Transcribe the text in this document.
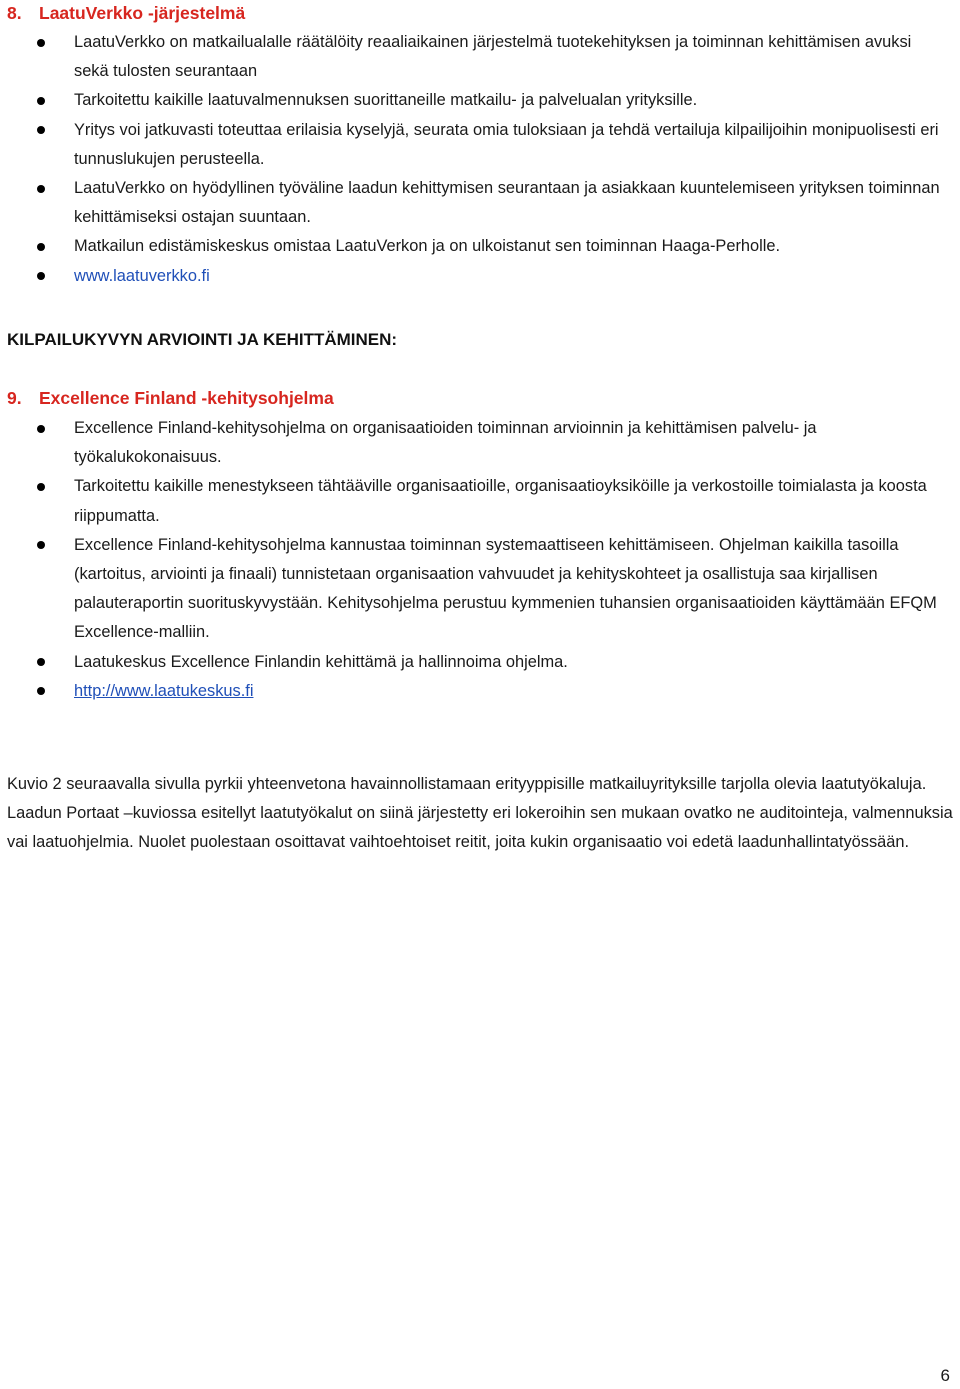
8. LaatuVerkko -järjestelmä
LaatuVerkko on matkailualalle räätälöity reaaliaikainen järjestelmä tuotekehityksen ja toiminnan kehittämisen avuksi sekä tulosten seurantaan
Tarkoitettu kaikille laatuvalmennuksen suorittaneille matkailu- ja palvelualan yrityksille.
Yritys voi jatkuvasti toteuttaa erilaisia kyselyjä, seurata omia tuloksiaan ja tehdä vertailuja kilpailijoihin monipuolisesti eri tunnuslukujen perusteella.
LaatuVerkko on hyödyllinen työväline laadun kehittymisen seurantaan ja asiakkaan kuuntelemiseen yrityksen toiminnan kehittämiseksi ostajan suuntaan.
Matkailun edistämiskeskus omistaa LaatuVerkon ja on ulkoistanut sen toiminnan Haaga-Perholle.
www.laatuverkko.fi
KILPAILUKYVYN ARVIOINTI JA KEHITTÄMINEN:
9. Excellence Finland -kehitysohjelma
Excellence Finland-kehitysohjelma on organisaatioiden toiminnan arvioinnin ja kehittämisen palvelu- ja työkalukokonaisuus.
Tarkoitettu kaikille menestykseen tähtääville organisaatioille, organisaatioyksiköille ja verkostoille toimialasta ja koosta riippumatta.
Excellence Finland-kehitysohjelma kannustaa toiminnan systemaattiseen kehittämiseen. Ohjelman kaikilla tasoilla (kartoitus, arviointi ja finaali) tunnistetaan organisaation vahvuudet ja kehityskohteet ja osallistuja saa kirjallisen palauteraportin suorituskyvystään. Kehitysohjelma perustuu kymmenien tuhansien organisaatioiden käyttämään EFQM Excellence-malliin.
Laatukeskus Excellence Finlandin kehittämä ja hallinnoima ohjelma.
http://www.laatukeskus.fi
Kuvio 2 seuraavalla sivulla pyrkii yhteenvetona havainnollistamaan erityyppisille matkailuyrityksille tarjolla olevia laatutyökaluja. Laadun Portaat –kuviossa esitellyt laatutyökalut on siinä järjestetty eri lokeroihin sen mukaan ovatko ne auditointeja, valmennuksia vai laatuohjelmia. Nuolet puolestaan osoittavat vaihtoehtoiset reitit, joita kukin organisaatio voi edetä laadunhallintatyössään.
6
